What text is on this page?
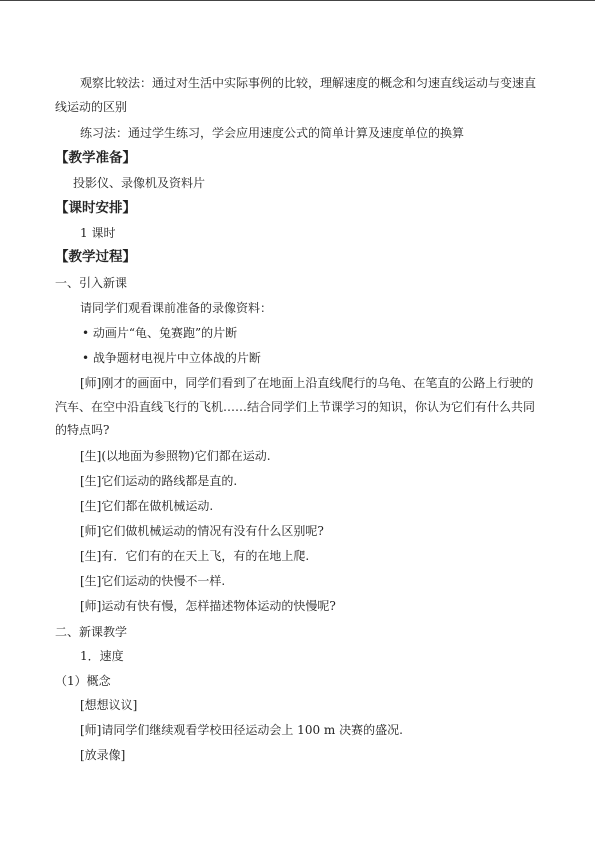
观察比较法：通过对生活中实际事例的比较，理解速度的概念和匀速直线运动与变速直
线运动的区别
练习法：通过学生练习，学会应用速度公式的简单计算及速度单位的换算
【教学准备】
投影仪、录像机及资料片
【课时安排】
1 课时
【教学过程】
一、引入新课
请同学们观看课前准备的录像资料：
• 动画片“龟、兔赛跑”的片断
• 战争题材电视片中立体战的片断
[师]刚才的画面中，同学们看到了在地面上沿直线爬行的乌龟、在笔直的公路上行驶的
汽车、在空中沿直线飞行的飞机……结合同学们上节课学习的知识，你认为它们有什么共同
的特点吗?
[生](以地面为参照物)它们都在运动.
[生]它们运动的路线都是直的.
[生]它们都在做机械运动.
[师]它们做机械运动的情况有没有什么区别呢?
[生]有．它们有的在天上飞，有的在地上爬.
[生]它们运动的快慢不一样.
[师]运动有快有慢，怎样描述物体运动的快慢呢?
二、新课教学
1．速度
（1）概念
[想想议议]
[师]请同学们继续观看学校田径运动会上 100 m 决赛的盛况.
[放录像]
